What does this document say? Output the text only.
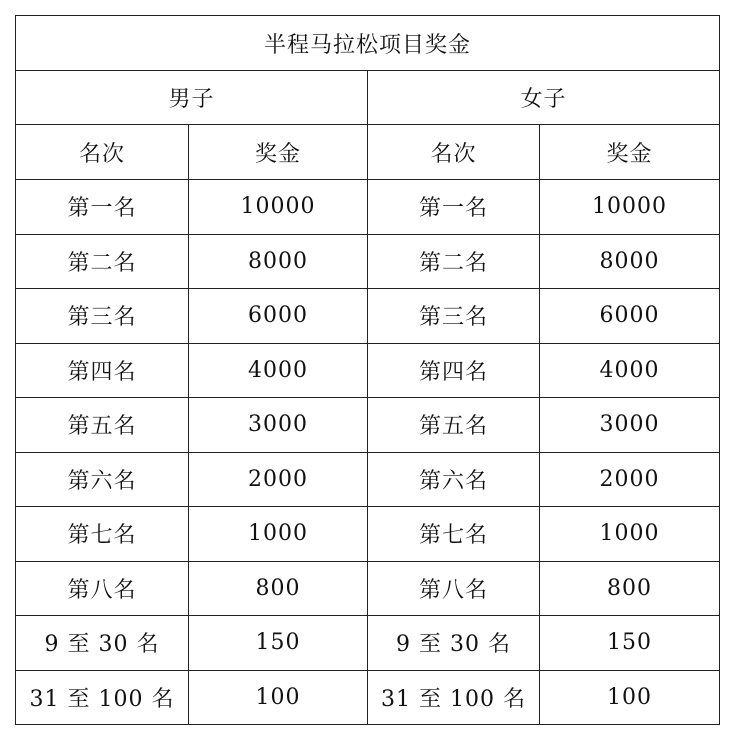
半程马拉松项目奖金			
男子		女子	
名次	奖金	名次	奖金
第一名	10000	第一名	10000
第二名	8000	第二名	8000
第三名	6000	第三名	6000
第四名	4000	第四名	4000
第五名	3000	第五名	3000
第六名	2000	第六名	2000
第七名	1000	第七名	1000
第八名	800	第八名	800
9 至 30 名	150	9 至 30 名	150
31 至 100 名	100	31 至 100 名	100
